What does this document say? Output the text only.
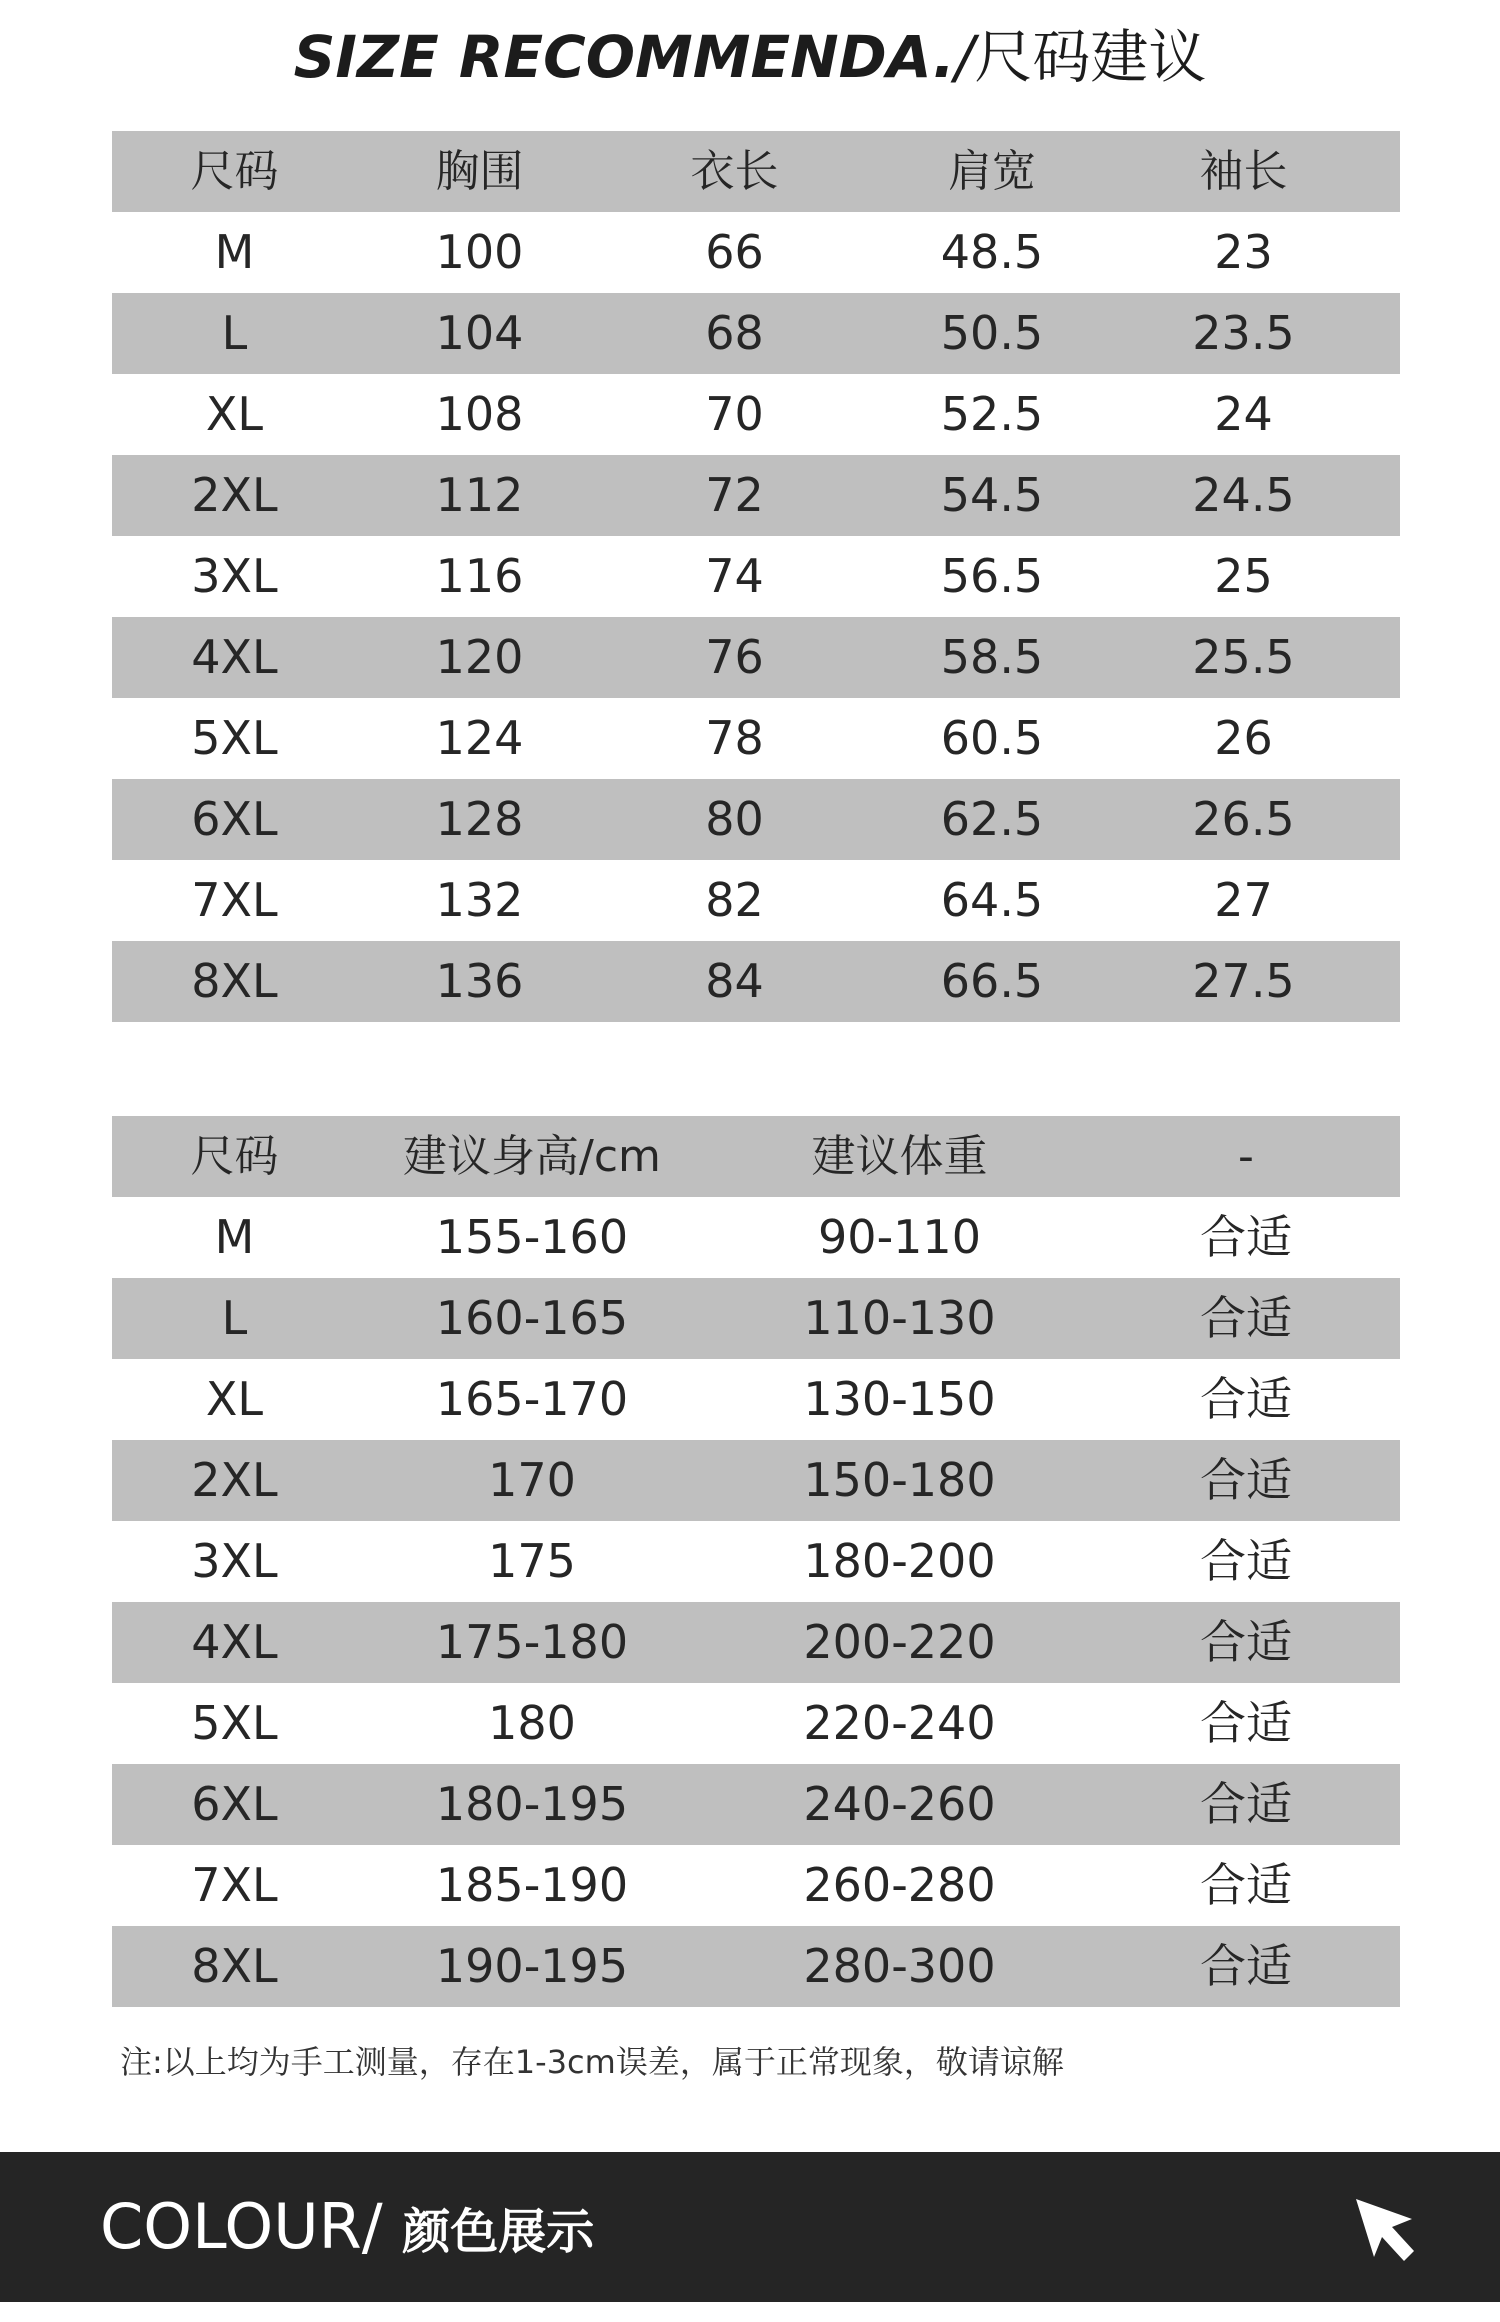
SIZE RECOMMENDA./尺码建议
尺码	胸围	衣长	肩宽	袖长
M	100	66	48.5	23
L	104	68	50.5	23.5
XL	108	70	52.5	24
2XL	112	72	54.5	24.5
3XL	116	74	56.5	25
4XL	120	76	58.5	25.5
5XL	124	78	60.5	26
6XL	128	80	62.5	26.5
7XL	132	82	64.5	27
8XL	136	84	66.5	27.5
尺码	建议身高/cm	建议体重	-
M	155-160	90-110	合适
L	160-165	110-130	合适
XL	165-170	130-150	合适
2XL	170	150-180	合适
3XL	175	180-200	合适
4XL	175-180	200-220	合适
5XL	180	220-240	合适
6XL	180-195	240-260	合适
7XL	185-190	260-280	合适
8XL	190-195	280-300	合适
注:以上均为手工测量，存在1-3cm误差，属于正常现象，敬请谅解
COLOUR/ 颜色展示
